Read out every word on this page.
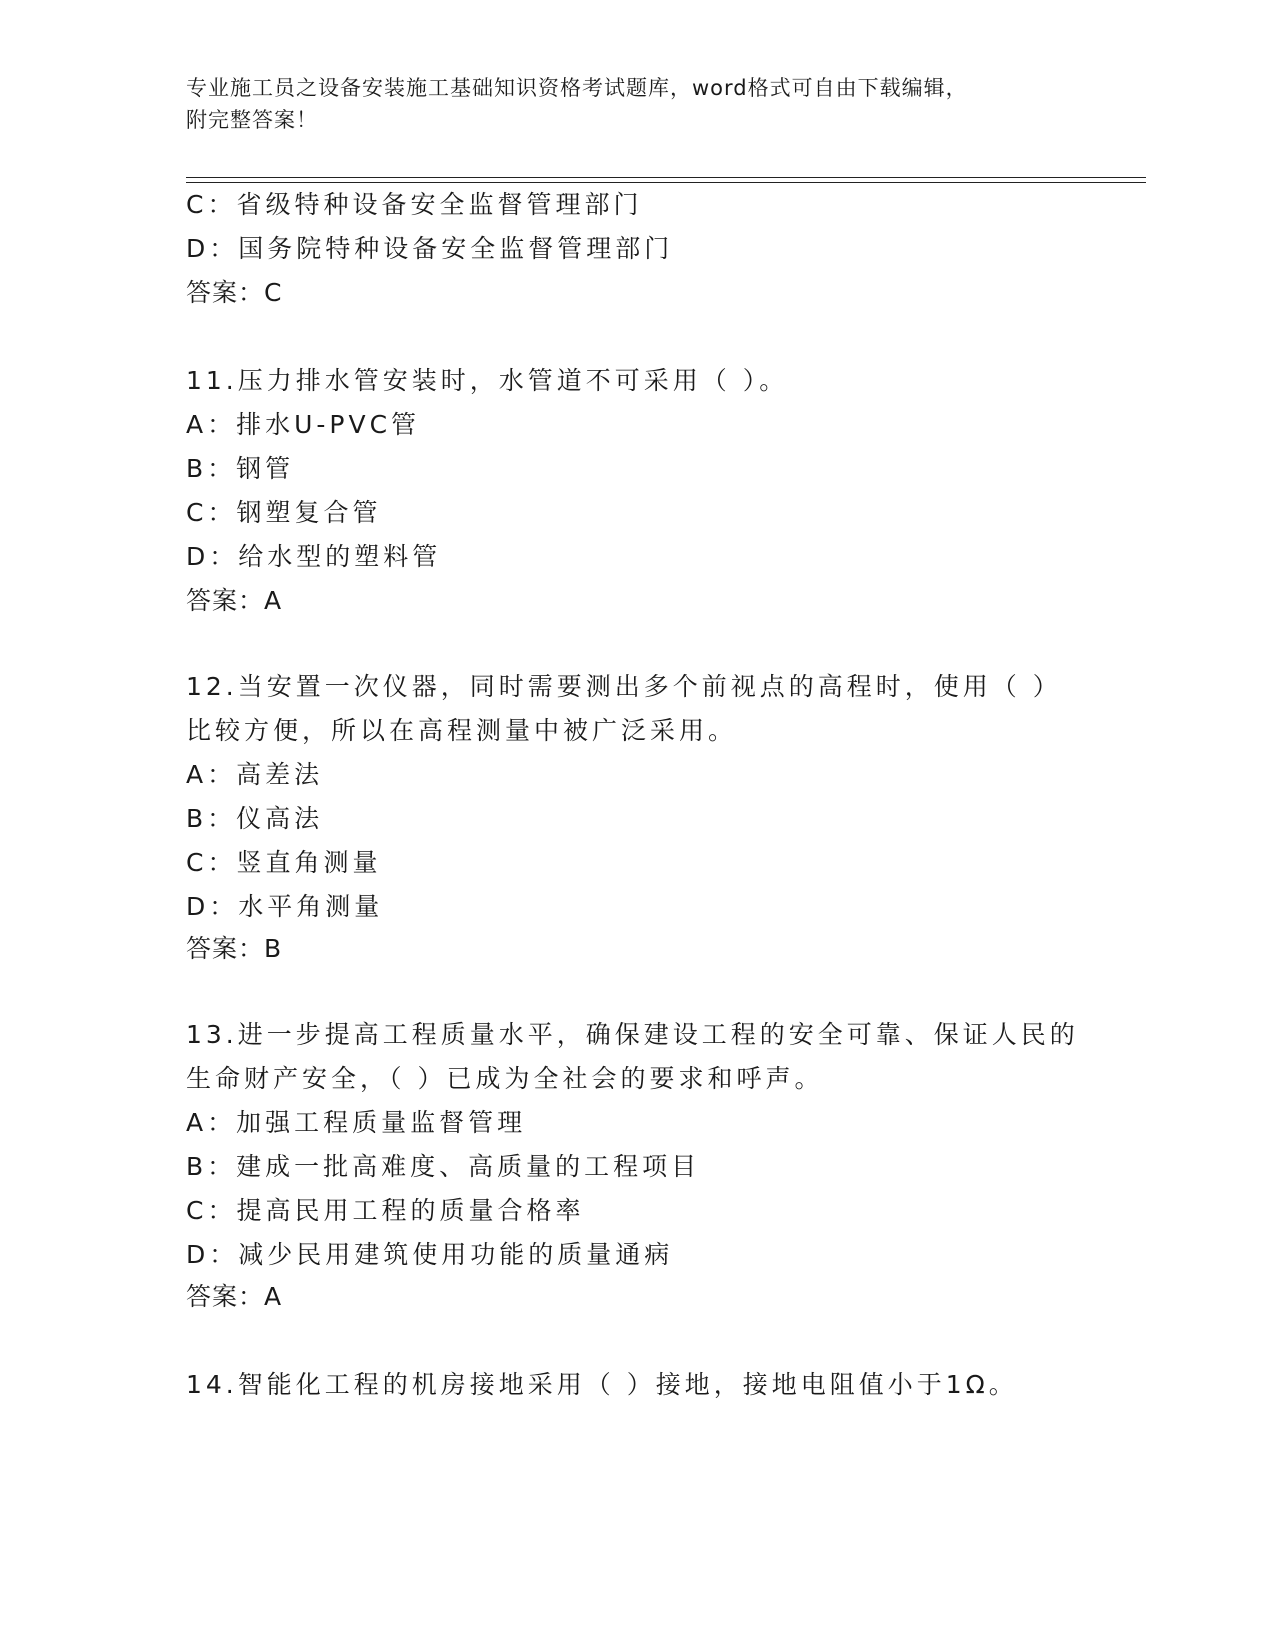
专业施工员之设备安装施工基础知识资格考试题库，word格式可自由下载编辑，
附完整答案！
C：省级特种设备安全监督管理部门
D：国务院特种设备安全监督管理部门
答案：C
11.压力排水管安装时，水管道不可采用（ ）。
A：排水U-PVC管
B：钢管
C：钢塑复合管
D：给水型的塑料管
答案：A
12.当安置一次仪器，同时需要测出多个前视点的高程时，使用（ ）
比较方便，所以在高程测量中被广泛采用。
A：高差法
B：仪高法
C：竖直角测量
D：水平角测量
答案：B
13.进一步提高工程质量水平，确保建设工程的安全可靠、保证人民的
生命财产安全，（ ）已成为全社会的要求和呼声。
A：加强工程质量监督管理
B：建成一批高难度、高质量的工程项目
C：提高民用工程的质量合格率
D：减少民用建筑使用功能的质量通病
答案：A
14.智能化工程的机房接地采用（ ）接地，接地电阻值小于1Ω。
